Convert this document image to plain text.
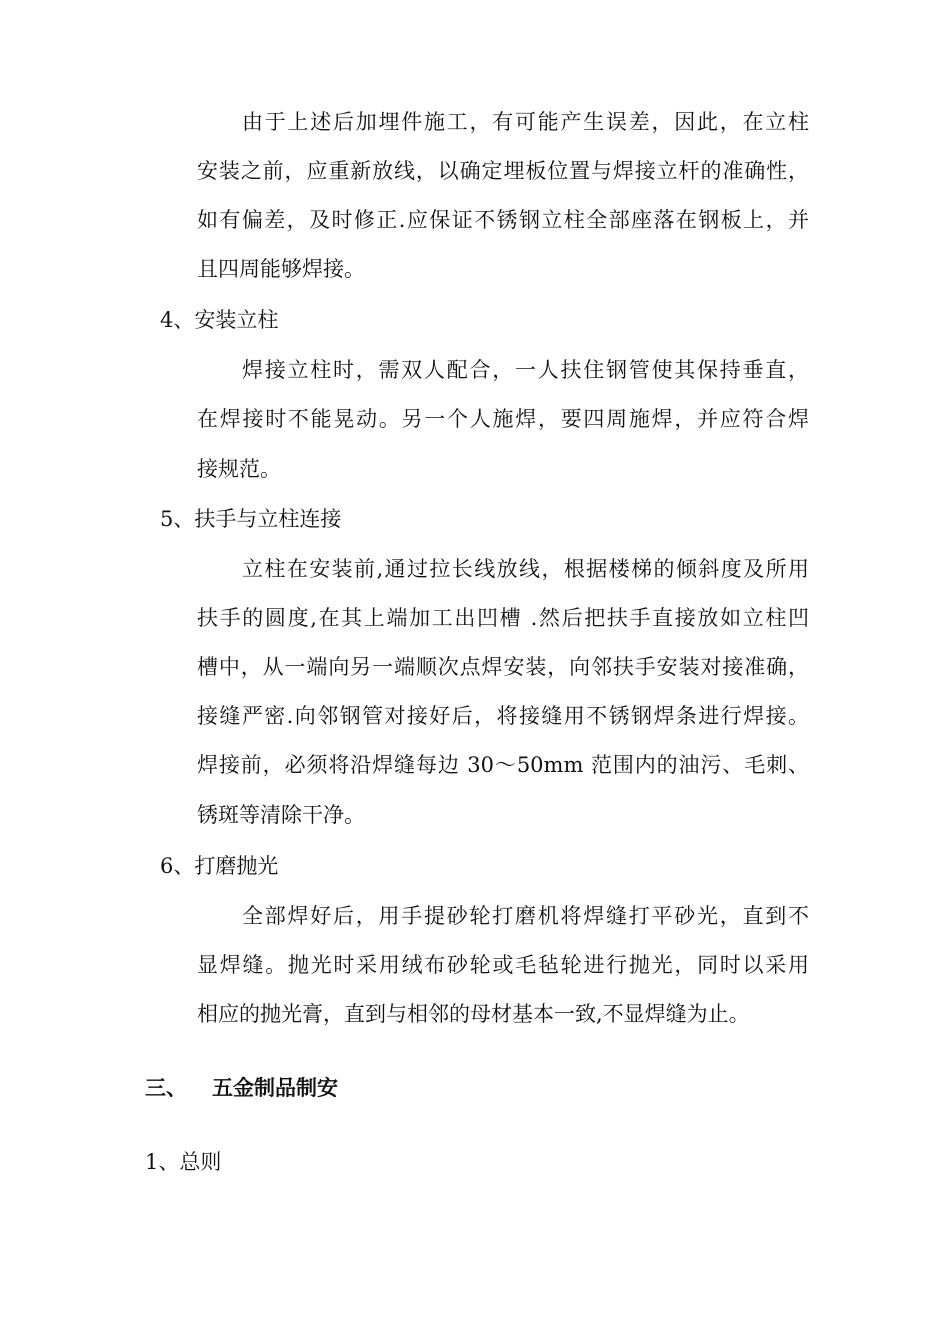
由于上述后加埋件施工，有可能产生误差，因此，在立柱
安装之前，应重新放线，以确定埋板位置与焊接立杆的准确性，
如有偏差，及时修正.应保证不锈钢立柱全部座落在钢板上，并
且四周能够焊接。
4、安装立柱
焊接立柱时，需双人配合，一人扶住钢管使其保持垂直，
在焊接时不能晃动。另一个人施焊，要四周施焊，并应符合焊
接规范。
5、扶手与立柱连接
立柱在安装前,通过拉长线放线，根据楼梯的倾斜度及所用
扶手的圆度,在其上端加工出凹槽 .然后把扶手直接放如立柱凹
槽中，从一端向另一端顺次点焊安装，向邻扶手安装对接准确，
接缝严密.向邻钢管对接好后，将接缝用不锈钢焊条进行焊接。
焊接前，必须将沿焊缝每边 30～50mm 范围内的油污、毛刺、
锈斑等清除干净。
6、打磨抛光
全部焊好后，用手提砂轮打磨机将焊缝打平砂光，直到不
显焊缝。抛光时采用绒布砂轮或毛毡轮进行抛光，同时以采用
相应的抛光膏，直到与相邻的母材基本一致,不显焊缝为止。
三、 五金制品制安
1、总则
